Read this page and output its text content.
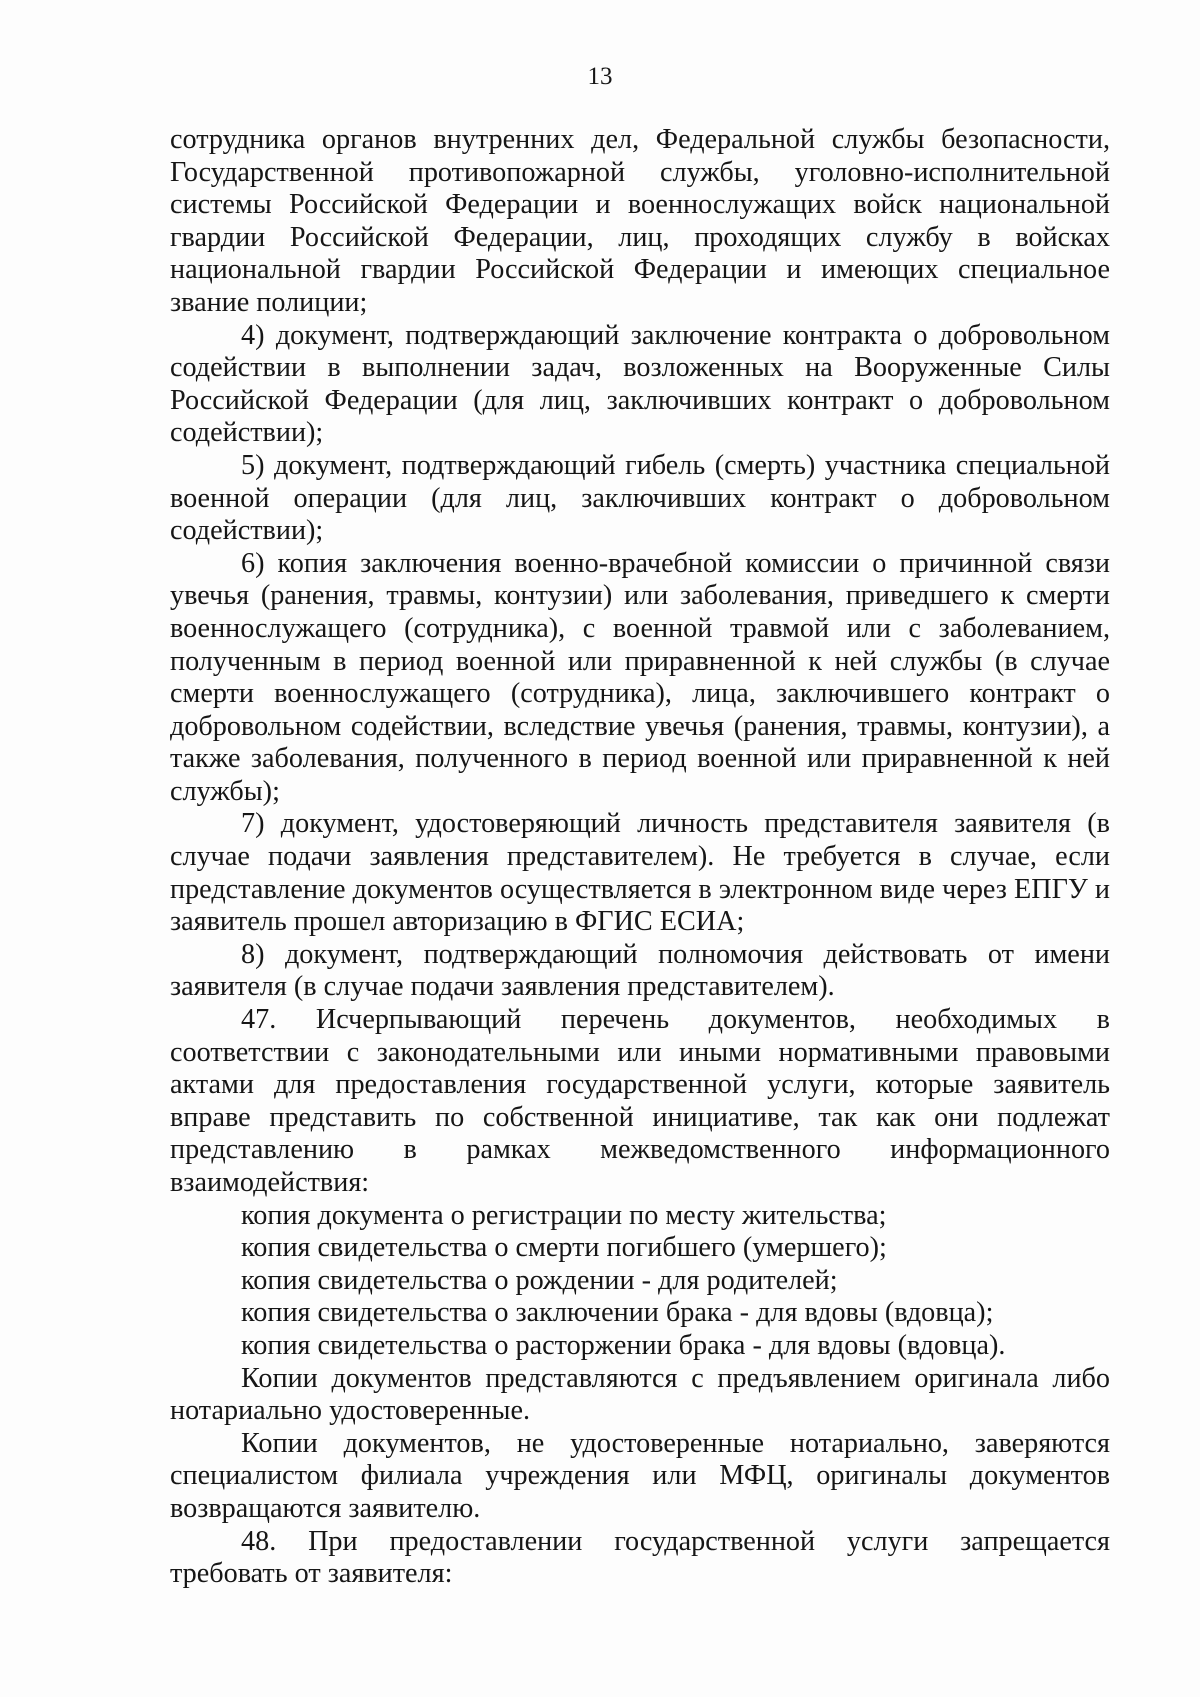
13

сотрудника органов внутренних дел, Федеральной службы безопасности, Государственной противопожарной службы, уголовно-исполнительной системы Российской Федерации и военнослужащих войск национальной гвардии Российской Федерации, лиц, проходящих службу в войсках национальной гвардии Российской Федерации и имеющих специальное звание полиции;

4) документ, подтверждающий заключение контракта о добровольном содействии в выполнении задач, возложенных на Вооруженные Силы Российской Федерации (для лиц, заключивших контракт о добровольном содействии);

5) документ, подтверждающий гибель (смерть) участника специальной военной операции (для лиц, заключивших контракт о добровольном содействии);

6) копия заключения военно-врачебной комиссии о причинной связи увечья (ранения, травмы, контузии) или заболевания, приведшего к смерти военнослужащего (сотрудника), с военной травмой или с заболеванием, полученным в период военной или приравненной к ней службы (в случае смерти военнослужащего (сотрудника), лица, заключившего контракт о добровольном содействии, вследствие увечья (ранения, травмы, контузии), а также заболевания, полученного в период военной или приравненной к ней службы);

7) документ, удостоверяющий личность представителя заявителя (в случае подачи заявления представителем). Не требуется в случае, если представление документов осуществляется в электронном виде через ЕПГУ и заявитель прошел авторизацию в ФГИС ЕСИА;

8) документ, подтверждающий полномочия действовать от имени заявителя (в случае подачи заявления представителем).

47. Исчерпывающий перечень документов, необходимых в соответствии с законодательными или иными нормативными правовыми актами для предоставления государственной услуги, которые заявитель вправе представить по собственной инициативе, так как они подлежат представлению в рамках межведомственного информационного взаимодействия:

копия документа о регистрации по месту жительства;

копия свидетельства о смерти погибшего (умершего);

копия свидетельства о рождении - для родителей;

копия свидетельства о заключении брака - для вдовы (вдовца);

копия свидетельства о расторжении брака - для вдовы (вдовца).

Копии документов представляются с предъявлением оригинала либо нотариально удостоверенные.

Копии документов, не удостоверенные нотариально, заверяются специалистом филиала учреждения или МФЦ, оригиналы документов возвращаются заявителю.

48. При предоставлении государственной услуги запрещается требовать от заявителя:
